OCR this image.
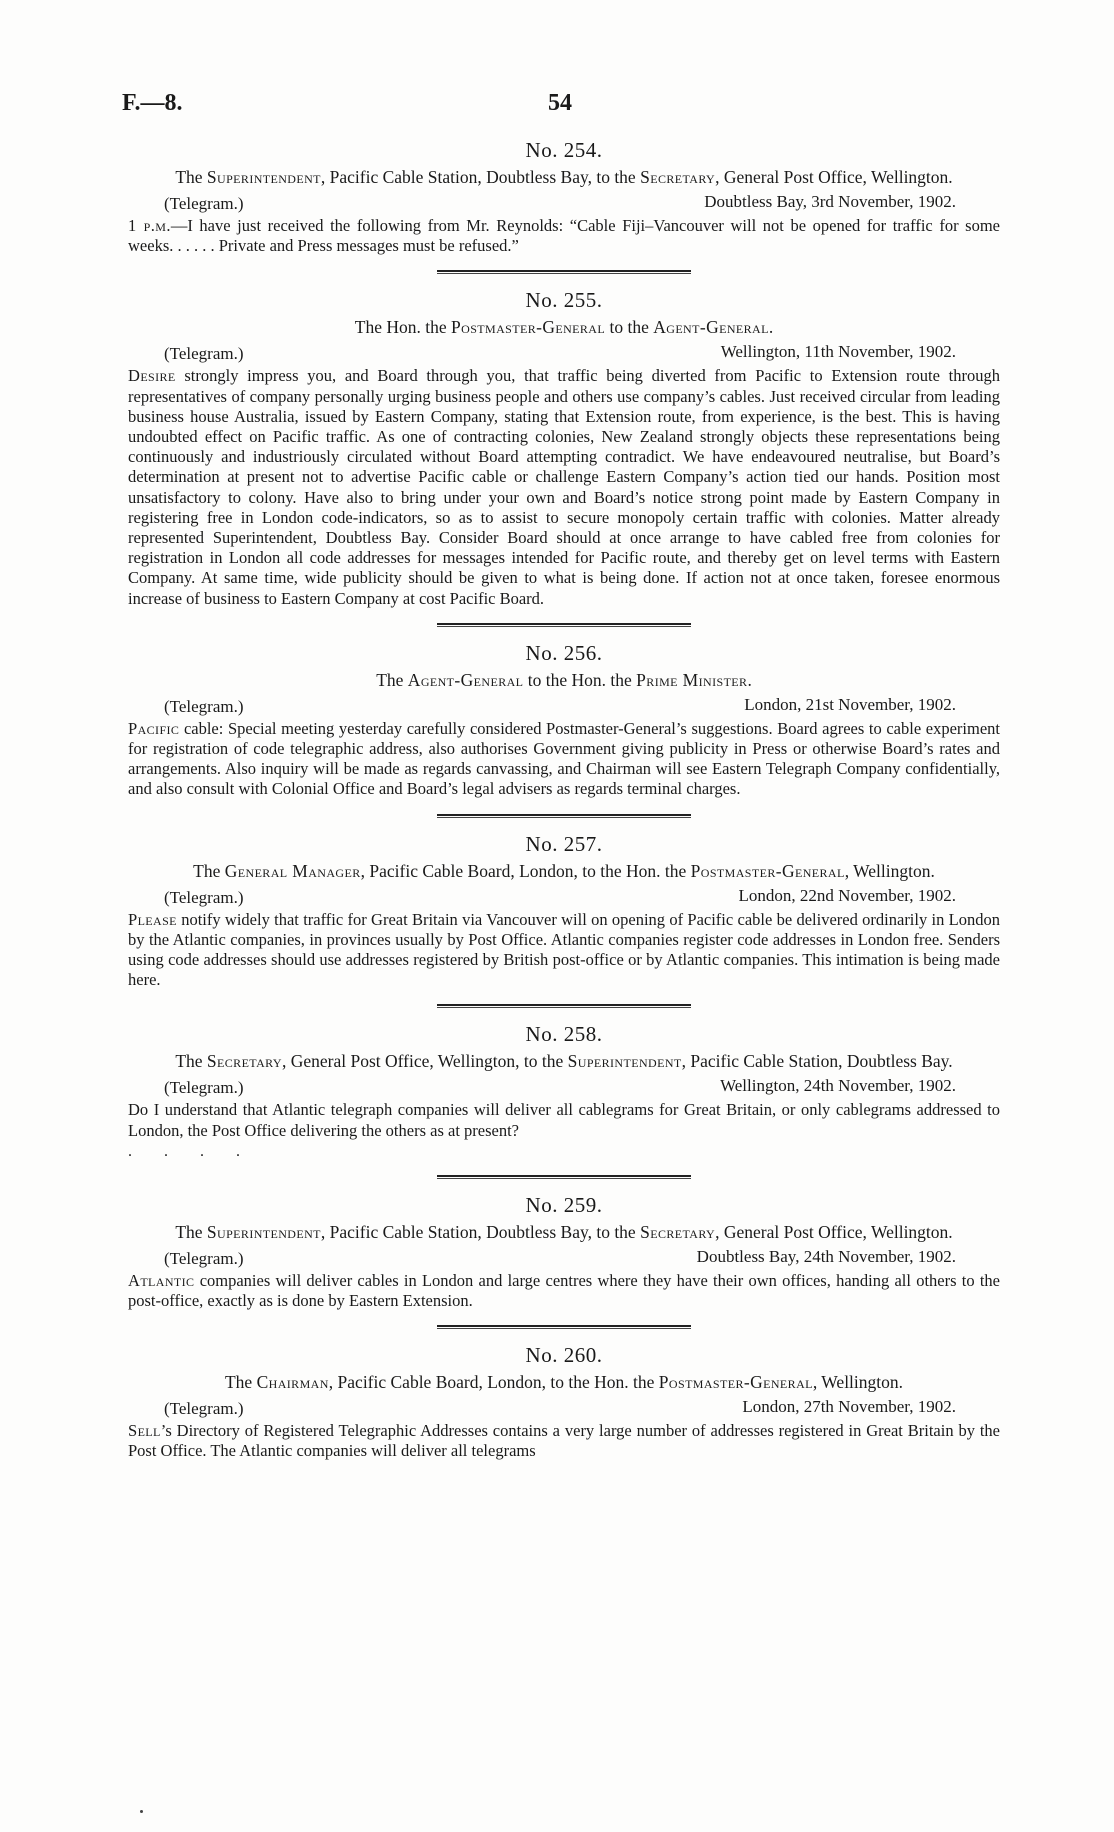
F.—8.	54
No. 254.
The Superintendent, Pacific Cable Station, Doubtless Bay, to the Secretary, General Post Office, Wellington.
(Telegram.)	Doubtless Bay, 3rd November, 1902.

1 p.m.—I have just received the following from Mr. Reynolds: “Cable Fiji–Vancouver will not be opened for traffic for some weeks. . . . . . Private and Press messages must be refused.”

No. 255.
The Hon. the Postmaster-General to the Agent-General.
(Telegram.)	Wellington, 11th November, 1902.

Desire strongly impress you, and Board through you, that traffic being diverted from Pacific to Extension route through representatives of company personally urging business people and others use company’s cables. Just received circular from leading business house Australia, issued by Eastern Company, stating that Extension route, from experience, is the best. This is having undoubted effect on Pacific traffic. As one of contracting colonies, New Zealand strongly objects these representations being continuously and industriously circulated without Board attempting contradict. We have endeavoured neutralise, but Board’s determination at present not to advertise Pacific cable or challenge Eastern Company’s action tied our hands. Position most unsatisfactory to colony. Have also to bring under your own and Board’s notice strong point made by Eastern Company in registering free in London code-indicators, so as to assist to secure monopoly certain traffic with colonies. Matter already represented Superintendent, Doubtless Bay. Consider Board should at once arrange to have cabled free from colonies for registration in London all code addresses for messages intended for Pacific route, and thereby get on level terms with Eastern Company. At same time, wide publicity should be given to what is being done. If action not at once taken, foresee enormous increase of business to Eastern Company at cost Pacific Board.

No. 256.
The Agent-General to the Hon. the Prime Minister.
(Telegram.)	London, 21st November, 1902.

Pacific cable: Special meeting yesterday carefully considered Postmaster-General’s suggestions. Board agrees to cable experiment for registration of code telegraphic address, also authorises Government giving publicity in Press or otherwise Board’s rates and arrangements. Also inquiry will be made as regards canvassing, and Chairman will see Eastern Telegraph Company confidentially, and also consult with Colonial Office and Board’s legal advisers as regards terminal charges.

No. 257.
The General Manager, Pacific Cable Board, London, to the Hon. the Postmaster-General, Wellington.
(Telegram.)	London, 22nd November, 1902.

Please notify widely that traffic for Great Britain via Vancouver will on opening of Pacific cable be delivered ordinarily in London by the Atlantic companies, in provinces usually by Post Office. Atlantic companies register code addresses in London free. Senders using code addresses should use addresses registered by British post-office or by Atlantic companies. This intimation is being made here.

No. 258.
The Secretary, General Post Office, Wellington, to the Superintendent, Pacific Cable Station, Doubtless Bay.
(Telegram.)	Wellington, 24th November, 1902.

Do I understand that Atlantic telegraph companies will deliver all cablegrams for Great Britain, or only cablegrams addressed to London, the Post Office delivering the others as at present?

. . . .
No. 259.
The Superintendent, Pacific Cable Station, Doubtless Bay, to the Secretary, General Post Office, Wellington.
(Telegram.)	Doubtless Bay, 24th November, 1902.

Atlantic companies will deliver cables in London and large centres where they have their own offices, handing all others to the post-office, exactly as is done by Eastern Extension.

No. 260.
The Chairman, Pacific Cable Board, London, to the Hon. the Postmaster-General, Wellington.
(Telegram.)	London, 27th November, 1902.

Sell’s Directory of Registered Telegraphic Addresses contains a very large number of addresses registered in Great Britain by the Post Office. The Atlantic companies will deliver all telegrams
